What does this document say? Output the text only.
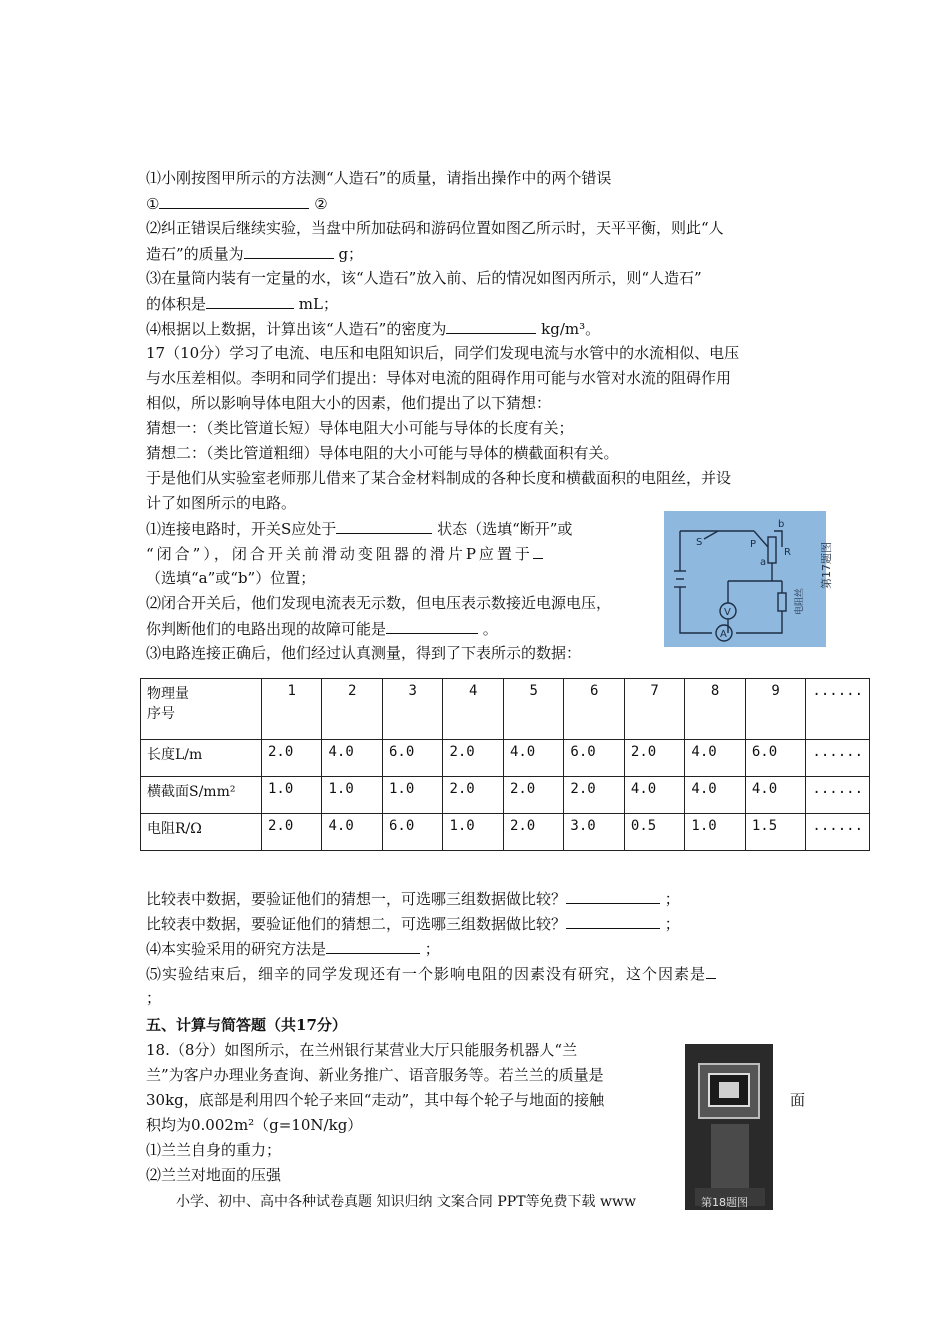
⑴小刚按图甲所示的方法测“人造石”的质量，请指出操作中的两个错误
①	②
⑵纠正错误后继续实验，当盘中所加砝码和游码位置如图乙所示时，天平平衡，则此“人
造石”的质量为	g；
⑶在量筒内装有一定量的水，该“人造石”放入前、后的情况如图丙所示，则“人造石”
的体积是	mL；
⑷根据以上数据，计算出该“人造石”的密度为	kg/m³。
17（10分）学习了电流、电压和电阻知识后，同学们发现电流与水管中的水流相似、电压
与水压差相似。李明和同学们提出：导体对电流的阻碍作用可能与水管对水流的阻碍作用
相似，所以影响导体电阻大小的因素，他们提出了以下猜想：
猜想一：（类比管道长短）导体电阻大小可能与导体的长度有关；
猜想二：（类比管道粗细）导体电阻的大小可能与导体的横截面积有关。
于是他们从实验室老师那儿借来了某合金材料制成的各种长度和横截面积的电阻丝，并设
计了如图所示的电路。
⑴连接电路时，开关S应处于	状态（选填“断开”或
“闭合”），闭合开关前滑动变阻器的滑片P应置于
（选填“a”或“b”）位置；
⑵闭合开关后，他们发现电流表无示数，但电压表示数接近电源电压，
你判断他们的电路出现的故障可能是	。
⑶电路连接正确后，他们经过认真测量，得到了下表所示的数据：
S	P
a
b
R
V
A
电阻丝
第17题图
物理量
序号	1	2	3	4	5	6	7	8	9	......
长度L/m	2.0	4.0	6.0	2.0	4.0	6.0	2.0	4.0	6.0	......
横截面S/mm²	1.0	1.0	1.0	2.0	2.0	2.0	4.0	4.0	4.0	......
电阻R/Ω	2.0	4.0	6.0	1.0	2.0	3.0	0.5	1.0	1.5	......
比较表中数据，要验证他们的猜想一，可选哪三组数据做比较？	；
比较表中数据，要验证他们的猜想二，可选哪三组数据做比较？	；
⑷本实验采用的研究方法是	；
⑸实验结束后，细辛的同学发现还有一个影响电阻的因素没有研究，这个因素是
；
五、计算与简答题（共17分）
18.（8分）如图所示，在兰州银行某营业大厅只能服务机器人“兰
兰”为客户办理业务查询、新业务推广、语音服务等。若兰兰的质量是
30kg，底部是利用四个轮子来回“走动”，其中每个轮子与地面的接触	面
积均为0.002m²（g=10N/kg）
⑴兰兰自身的重力；
⑵兰兰对地面的压强
第18题图
小学、初中、高中各种试卷真题 知识归纳 文案合同 PPT等免费下载 www
